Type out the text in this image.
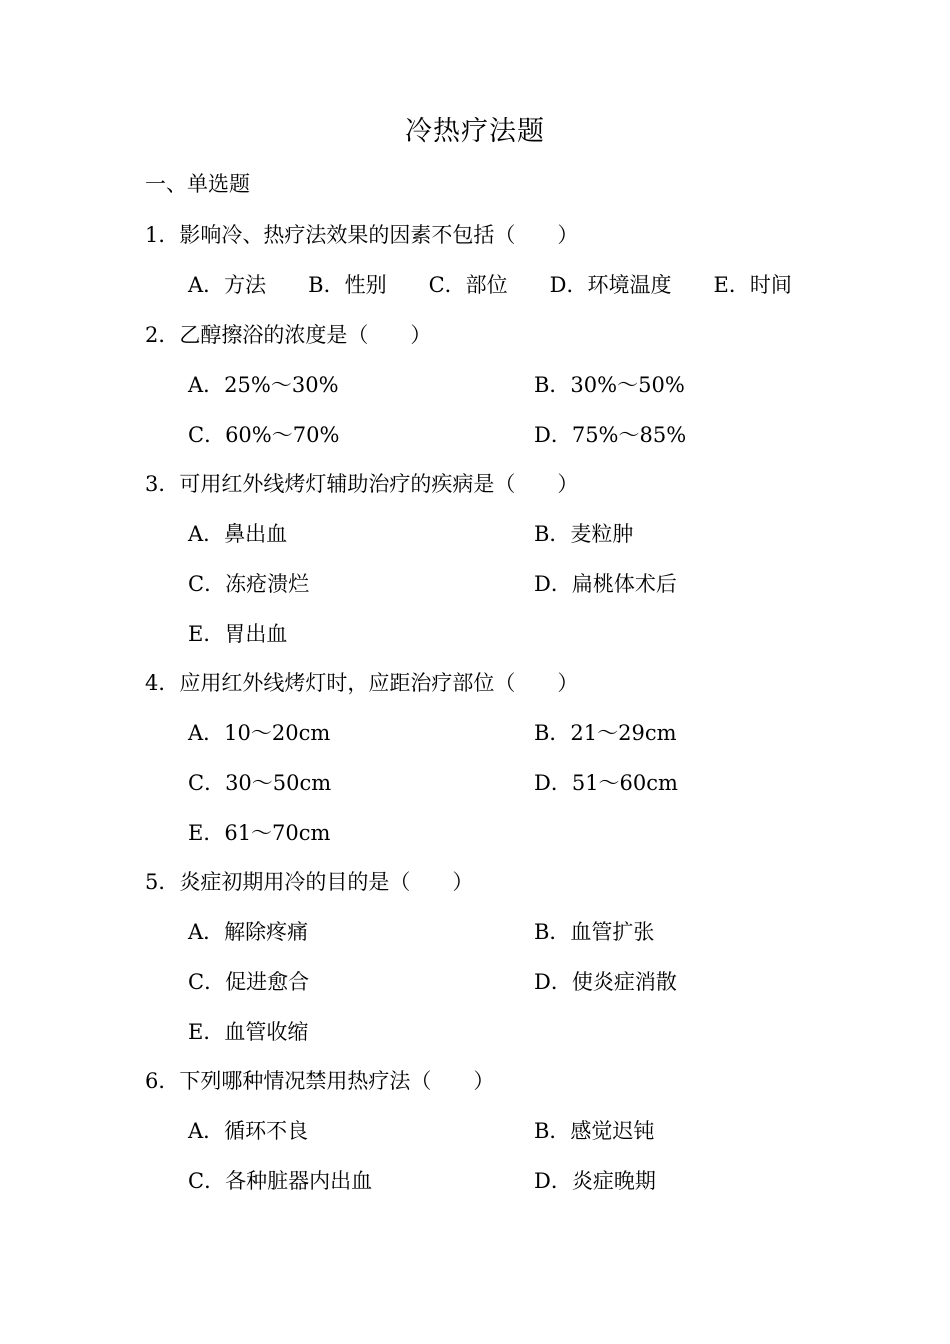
冷热疗法题
一、单选题
1．影响冷、热疗法效果的因素不包括（　　）
A．方法　　B．性别　　C．部位　　D．环境温度　　E．时间
2．乙醇擦浴的浓度是（　　）
A．25%～30%	B．30%～50%
C．60%～70%	D．75%～85%
3．可用红外线烤灯辅助治疗的疾病是（　　）
A．鼻出血	B．麦粒肿
C．冻疮溃烂	D．扁桃体术后
E．胃出血
4．应用红外线烤灯时，应距治疗部位（　　）
A．10～20cm	B．21～29cm
C．30～50cm	D．51～60cm
E．61～70cm
5．炎症初期用冷的目的是（　　）
A．解除疼痛	B．血管扩张
C．促进愈合	D．使炎症消散
E．血管收缩
6．下列哪种情况禁用热疗法（　　）
A．循环不良	B．感觉迟钝
C．各种脏器内出血	D．炎症晚期
